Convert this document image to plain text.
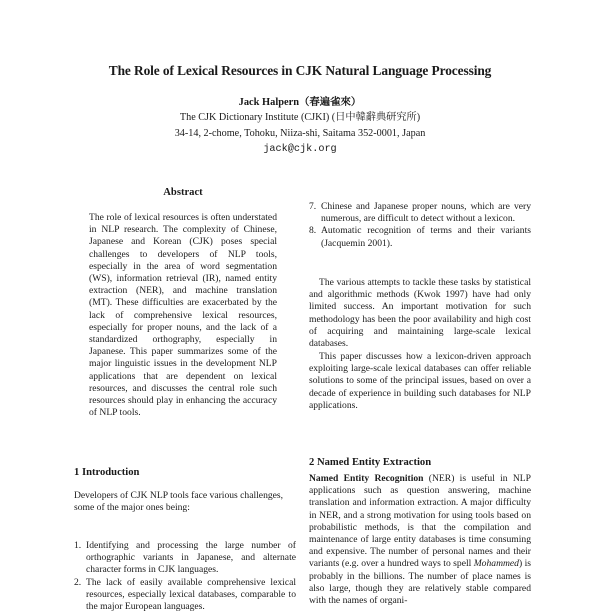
The Role of Lexical Resources in CJK Natural Language Processing
Jack Halpern（春遍雀來）
The CJK Dictionary Institute (CJKI) (日中韓辭典研究所)
34-14, 2-chome, Tohoku, Niiza-shi, Saitama 352-0001, Japan
jack@cjk.org
Abstract

The role of lexical resources is often understated in NLP research. The complexity of Chinese, Japanese and Korean (CJK) poses special challenges to developers of NLP tools, especially in the area of word segmentation (WS), information retrieval (IR), named entity extraction (NER), and machine translation (MT). These difficulties are exacerbated by the lack of comprehensive lexical resources, especially for proper nouns, and the lack of a standardized orthography, especially in Japanese. This paper summarizes some of the major linguistic issues in the development NLP applications that are dependent on lexical resources, and discusses the central role such resources should play in enhancing the accuracy of NLP tools.

1 Introduction

Developers of CJK NLP tools face various challenges, some of the major ones being:

1. Identifying and processing the large number of orthographic variants in Japanese, and alternate character forms in CJK languages.
2. The lack of easily available comprehensive lexical resources, especially lexical databases, comparable to the major European languages.
7. Chinese and Japanese proper nouns, which are very numerous, are difficult to detect without a lexicon.
8. Automatic recognition of terms and their variants (Jacquemin 2001).

The various attempts to tackle these tasks by statistical and algorithmic methods (Kwok 1997) have had only limited success. An important motivation for such methodology has been the poor availability and high cost of acquiring and maintaining large-scale lexical databases.

This paper discusses how a lexicon-driven approach exploiting large-scale lexical databases can offer reliable solutions to some of the principal issues, based on over a decade of experience in building such databases for NLP applications.

2 Named Entity Extraction

Named Entity Recognition (NER) is useful in NLP applications such as question answering, machine translation and information extraction. A major difficulty in NER, and a strong motivation for using tools based on probabilistic methods, is that the compilation and maintenance of large entity databases is time consuming and expensive. The number of personal names and their variants (e.g. over a hundred ways to spell Mohammed) is probably in the billions. The number of place names is also large, though they are relatively stable compared with the names of organi-
